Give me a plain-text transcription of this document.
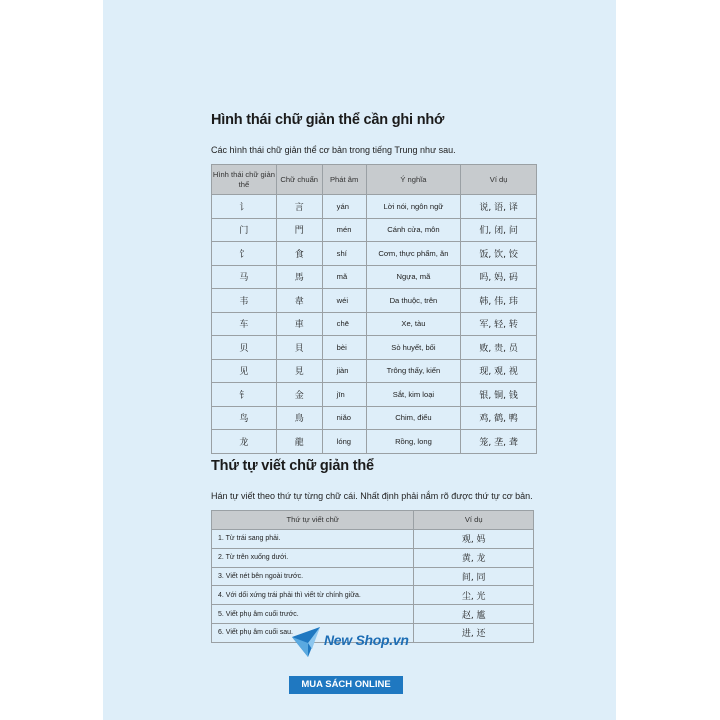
Hình thái chữ giản thể cần ghi nhớ
Các hình thái chữ giản thể cơ bản trong tiếng Trung như sau.
Hình thái chữ giản thể	Chữ chuẩn	Phát âm	Ý nghĩa	Ví dụ
讠	言	yán	Lời nói, ngôn ngữ	说, 语, 译
门	門	mén	Cánh cửa, môn	们, 闭, 问
饣	食	shí	Cơm, thực phẩm, ăn	饭, 饮, 饺
马	馬	mǎ	Ngựa, mã	吗, 妈, 码
韦	韋	wéi	Da thuộc, trên	韩, 伟, 玮
车	車	chē	Xe, tàu	军, 轻, 转
贝	貝	bèi	Sò huyết, bối	败, 贵, 员
见	見	jiàn	Trông thấy, kiến	现, 观, 视
钅	金	jīn	Sắt, kim loại	银, 铜, 钱
鸟	鳥	niǎo	Chim, điểu	鸡, 鹤, 鸭
龙	龍	lóng	Rồng, long	笼, 垄, 聋
Thứ tự viết chữ giản thể
Hán tự viết theo thứ tự từng chữ cái. Nhất định phải nắm rõ được thứ tự cơ bản.
Thứ tự viết chữ	Ví dụ
1. Từ trái sang phải.	观, 妈
2. Từ trên xuống dưới.	黄, 龙
3. Viết nét bên ngoài trước.	间, 同
4. Với dối xứng trái phải thì viết từ chính giữa.	尘, 光
5. Viết phụ âm cuối trước.	赵, 尴
6. Viết phụ âm cuối sau.	进, 还
New Shop.vn
MUA SÁCH ONLINE
